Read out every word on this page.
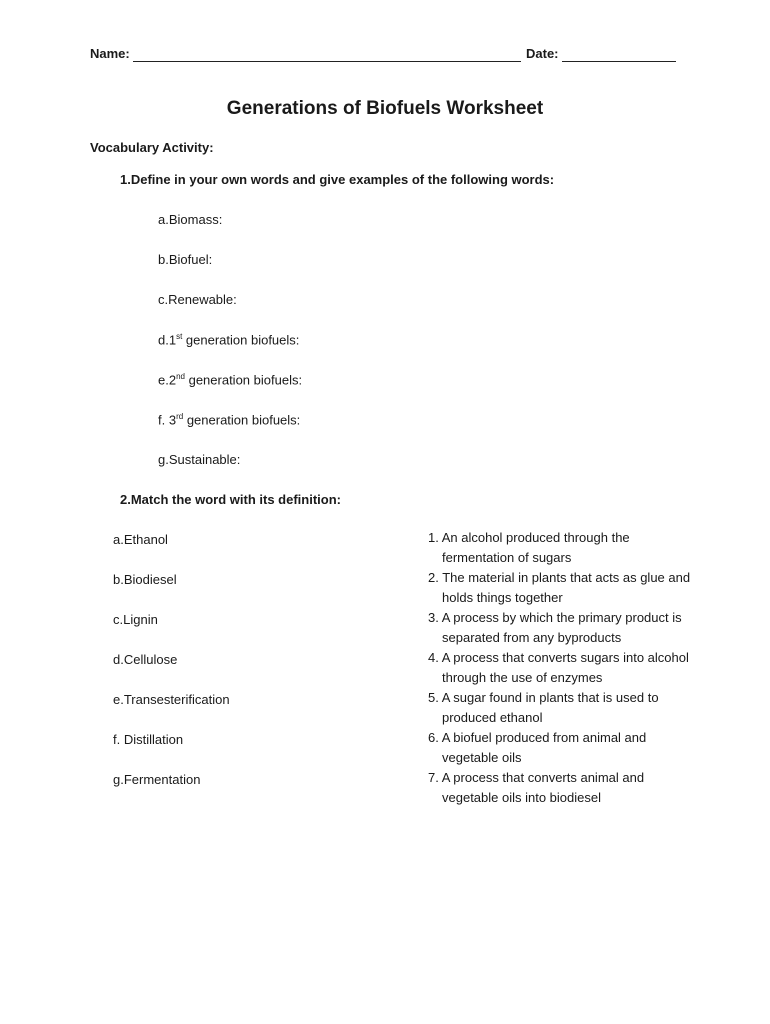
Name:	Date:
Generations of Biofuels Worksheet
Vocabulary Activity:
1.Define in your own words and give examples of the following words:
a.Biomass:
b.Biofuel:
c.Renewable:
d.1st generation biofuels:
e.2nd generation biofuels:
f. 3rd generation biofuels:
g.Sustainable:
2.Match the word with its definition:
a.Ethanol
b.Biodiesel
c.Lignin
d.Cellulose
e.Transesterification
f. Distillation
g.Fermentation
1. An alcohol produced through the fermentation of sugars
2. The material in plants that acts as glue and holds things together
3. A process by which the primary product is separated from any byproducts
4. A process that converts sugars into alcohol through the use of enzymes
5. A sugar found in plants that is used to produced ethanol
6. A biofuel produced from animal and vegetable oils
7. A process that converts animal and vegetable oils into biodiesel
